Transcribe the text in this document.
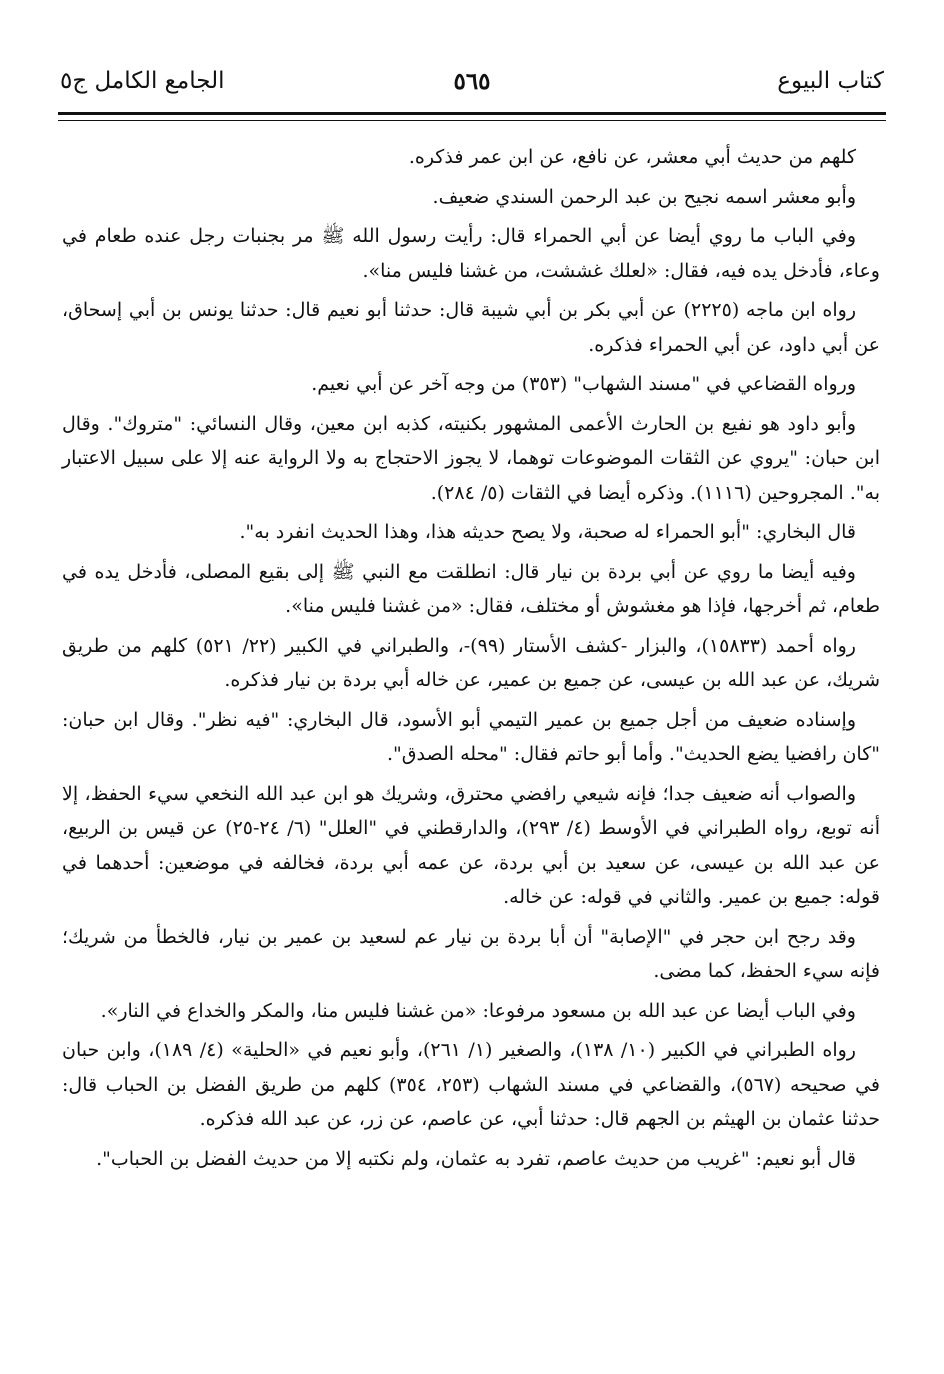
كتاب البيوع
٥٦٥
الجامع الكامل ج٥

كلهم من حديث أبي معشر، عن نافع، عن ابن عمر فذكره.

وأبو معشر اسمه نجيح بن عبد الرحمن السندي ضعيف.

وفي الباب ما روي أيضا عن أبي الحمراء قال: رأيت رسول الله ﷺ مر بجنبات رجل عنده طعام في وعاء، فأدخل يده فيه، فقال: «لعلك غششت، من غشنا فليس منا».

رواه ابن ماجه (٢٢٢٥) عن أبي بكر بن أبي شيبة قال: حدثنا أبو نعيم قال: حدثنا يونس بن أبي إسحاق، عن أبي داود، عن أبي الحمراء فذكره.

ورواه القضاعي في "مسند الشهاب" (٣٥٣) من وجه آخر عن أبي نعيم.

وأبو داود هو نفيع بن الحارث الأعمى المشهور بكنيته، كذبه ابن معين، وقال النسائي: "متروك". وقال ابن حبان: "يروي عن الثقات الموضوعات توهما، لا يجوز الاحتجاج به ولا الرواية عنه إلا على سبيل الاعتبار به". المجروحين (١١١٦). وذكره أيضا في الثقات (٥/ ٢٨٤).

قال البخاري: "أبو الحمراء له صحبة، ولا يصح حديثه هذا، وهذا الحديث انفرد به".

وفيه أيضا ما روي عن أبي بردة بن نيار قال: انطلقت مع النبي ﷺ إلى بقيع المصلى، فأدخل يده في طعام، ثم أخرجها، فإذا هو مغشوش أو مختلف، فقال: «من غشنا فليس منا».

رواه أحمد (١٥٨٣٣)، والبزار -كشف الأستار (٩٩)-، والطبراني في الكبير (٢٢/ ٥٢١) كلهم من طريق شريك، عن عبد الله بن عيسى، عن جميع بن عمير، عن خاله أبي بردة بن نيار فذكره.

وإسناده ضعيف من أجل جميع بن عمير التيمي أبو الأسود، قال البخاري: "فيه نظر". وقال ابن حبان: "كان رافضيا يضع الحديث". وأما أبو حاتم فقال: "محله الصدق".

والصواب أنه ضعيف جدا؛ فإنه شيعي رافضي محترق، وشريك هو ابن عبد الله النخعي سيء الحفظ، إلا أنه توبع، رواه الطبراني في الأوسط (٤/ ٢٩٣)، والدارقطني في "العلل" (٦/ ٢٤-٢٥) عن قيس بن الربيع، عن عبد الله بن عيسى، عن سعيد بن أبي بردة، عن عمه أبي بردة، فخالفه في موضعين: أحدهما في قوله: جميع بن عمير. والثاني في قوله: عن خاله.

وقد رجح ابن حجر في "الإصابة" أن أبا بردة بن نيار عم لسعيد بن عمير بن نيار، فالخطأ من شريك؛ فإنه سيء الحفظ، كما مضى.

وفي الباب أيضا عن عبد الله بن مسعود مرفوعا: «من غشنا فليس منا، والمكر والخداع في النار».

رواه الطبراني في الكبير (١٠/ ١٣٨)، والصغير (١/ ٢٦١)، وأبو نعيم في «الحلية» (٤/ ١٨٩)، وابن حبان في صحيحه (٥٦٧)، والقضاعي في مسند الشهاب (٢٥٣، ٣٥٤) كلهم من طريق الفضل بن الحباب قال: حدثنا عثمان بن الهيثم بن الجهم قال: حدثنا أبي، عن عاصم، عن زر، عن عبد الله فذكره.

قال أبو نعيم: "غريب من حديث عاصم، تفرد به عثمان، ولم نكتبه إلا من حديث الفضل بن الحباب".
